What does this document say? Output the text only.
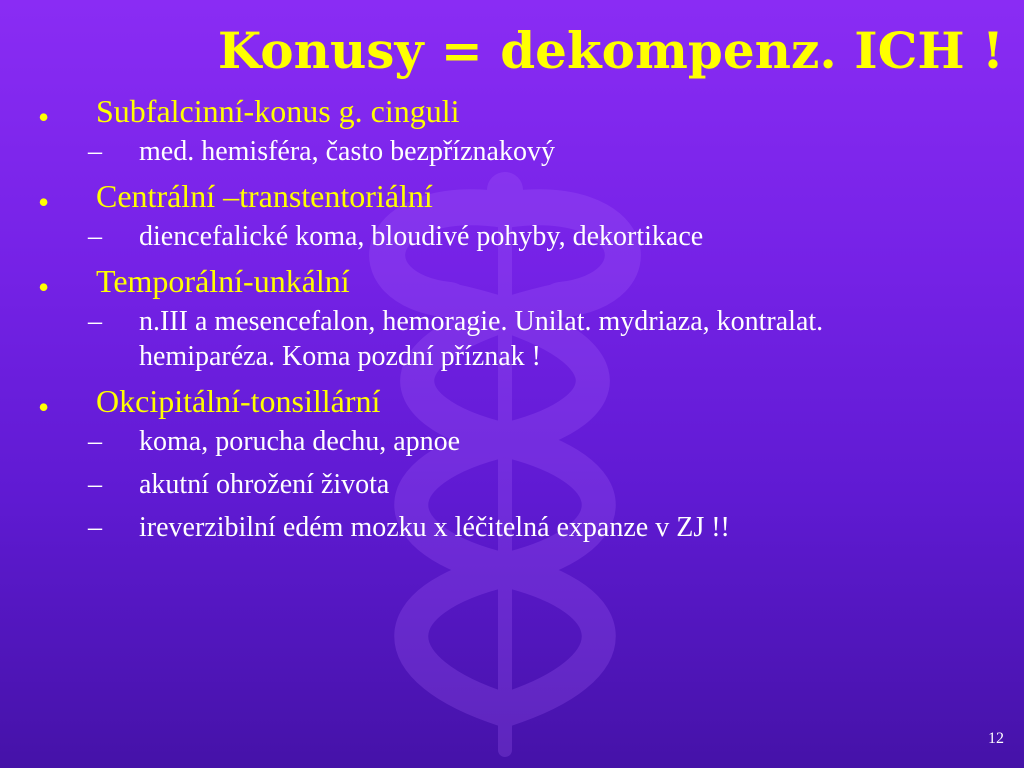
Konusy = dekompenz. ICH !
• Subfalcinní-konus g. cinguli
– med. hemisféra, často bezpříznakový
• Centrální –transtentoriální
– diencefalické koma, bloudivé pohyby, dekortikace
• Temporální-unkální
– n.III a mesencefalon, hemoragie. Unilat. mydriaza, kontralat. hemiparéza. Koma pozdní příznak !
• Okcipitální-tonsillární
– koma, porucha dechu, apnoe
– akutní ohrožení života
– ireverzibilní edém mozku x léčitelná expanze v ZJ !!
12
